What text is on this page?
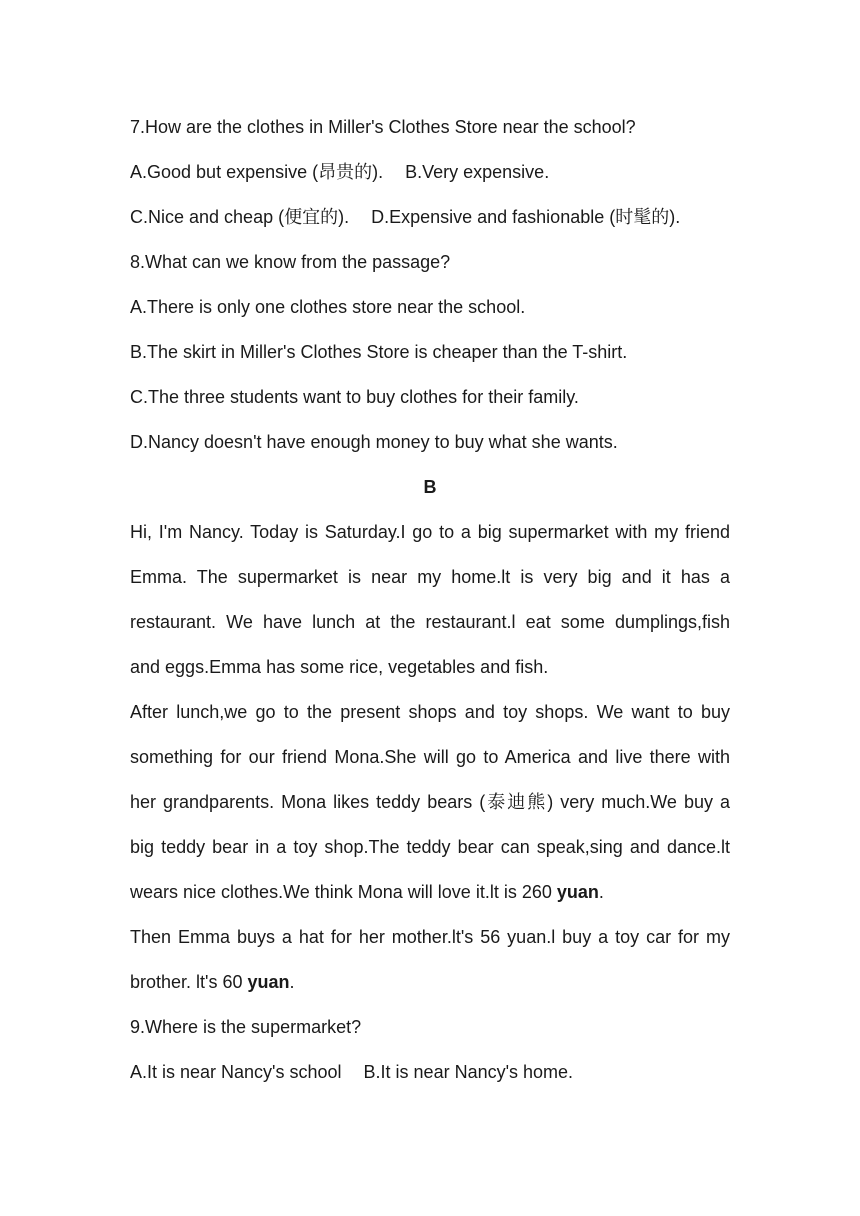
7.How are the clothes in Miller's Clothes Store near the school?
A.Good but expensive (昂贵的). B.Very expensive.
C.Nice and cheap (便宜的). D.Expensive and fashionable (时髦的).
8.What can we know from the passage?
A.There is only one clothes store near the school.
B.The skirt in Miller's Clothes Store is cheaper than the T-shirt.
C.The three students want to buy clothes for their family.
D.Nancy doesn't have enough money to buy what she wants.
B
Hi, I'm Nancy. Today is Saturday.I go to a big supermarket with my friend
Emma. The supermarket is near my home.lt is very big and it has a
restaurant. We have lunch at the restaurant.l eat some dumplings,fish
and eggs.Emma has some rice, vegetables and fish.
After lunch,we go to the present shops and toy shops. We want to buy
something for our friend Mona.She will go to America and live there with
her grandparents. Mona likes teddy bears (泰迪熊) very much.We buy a
big teddy bear in a toy shop.The teddy bear can speak,sing and dance.lt
wears nice clothes.We think Mona will love it.lt is 260 yuan.
Then Emma buys a hat for her mother.lt's 56 yuan.l buy a toy car for my
brother. lt's 60 yuan.
9.Where is the supermarket?
A.It is near Nancy's school B.It is near Nancy's home.
